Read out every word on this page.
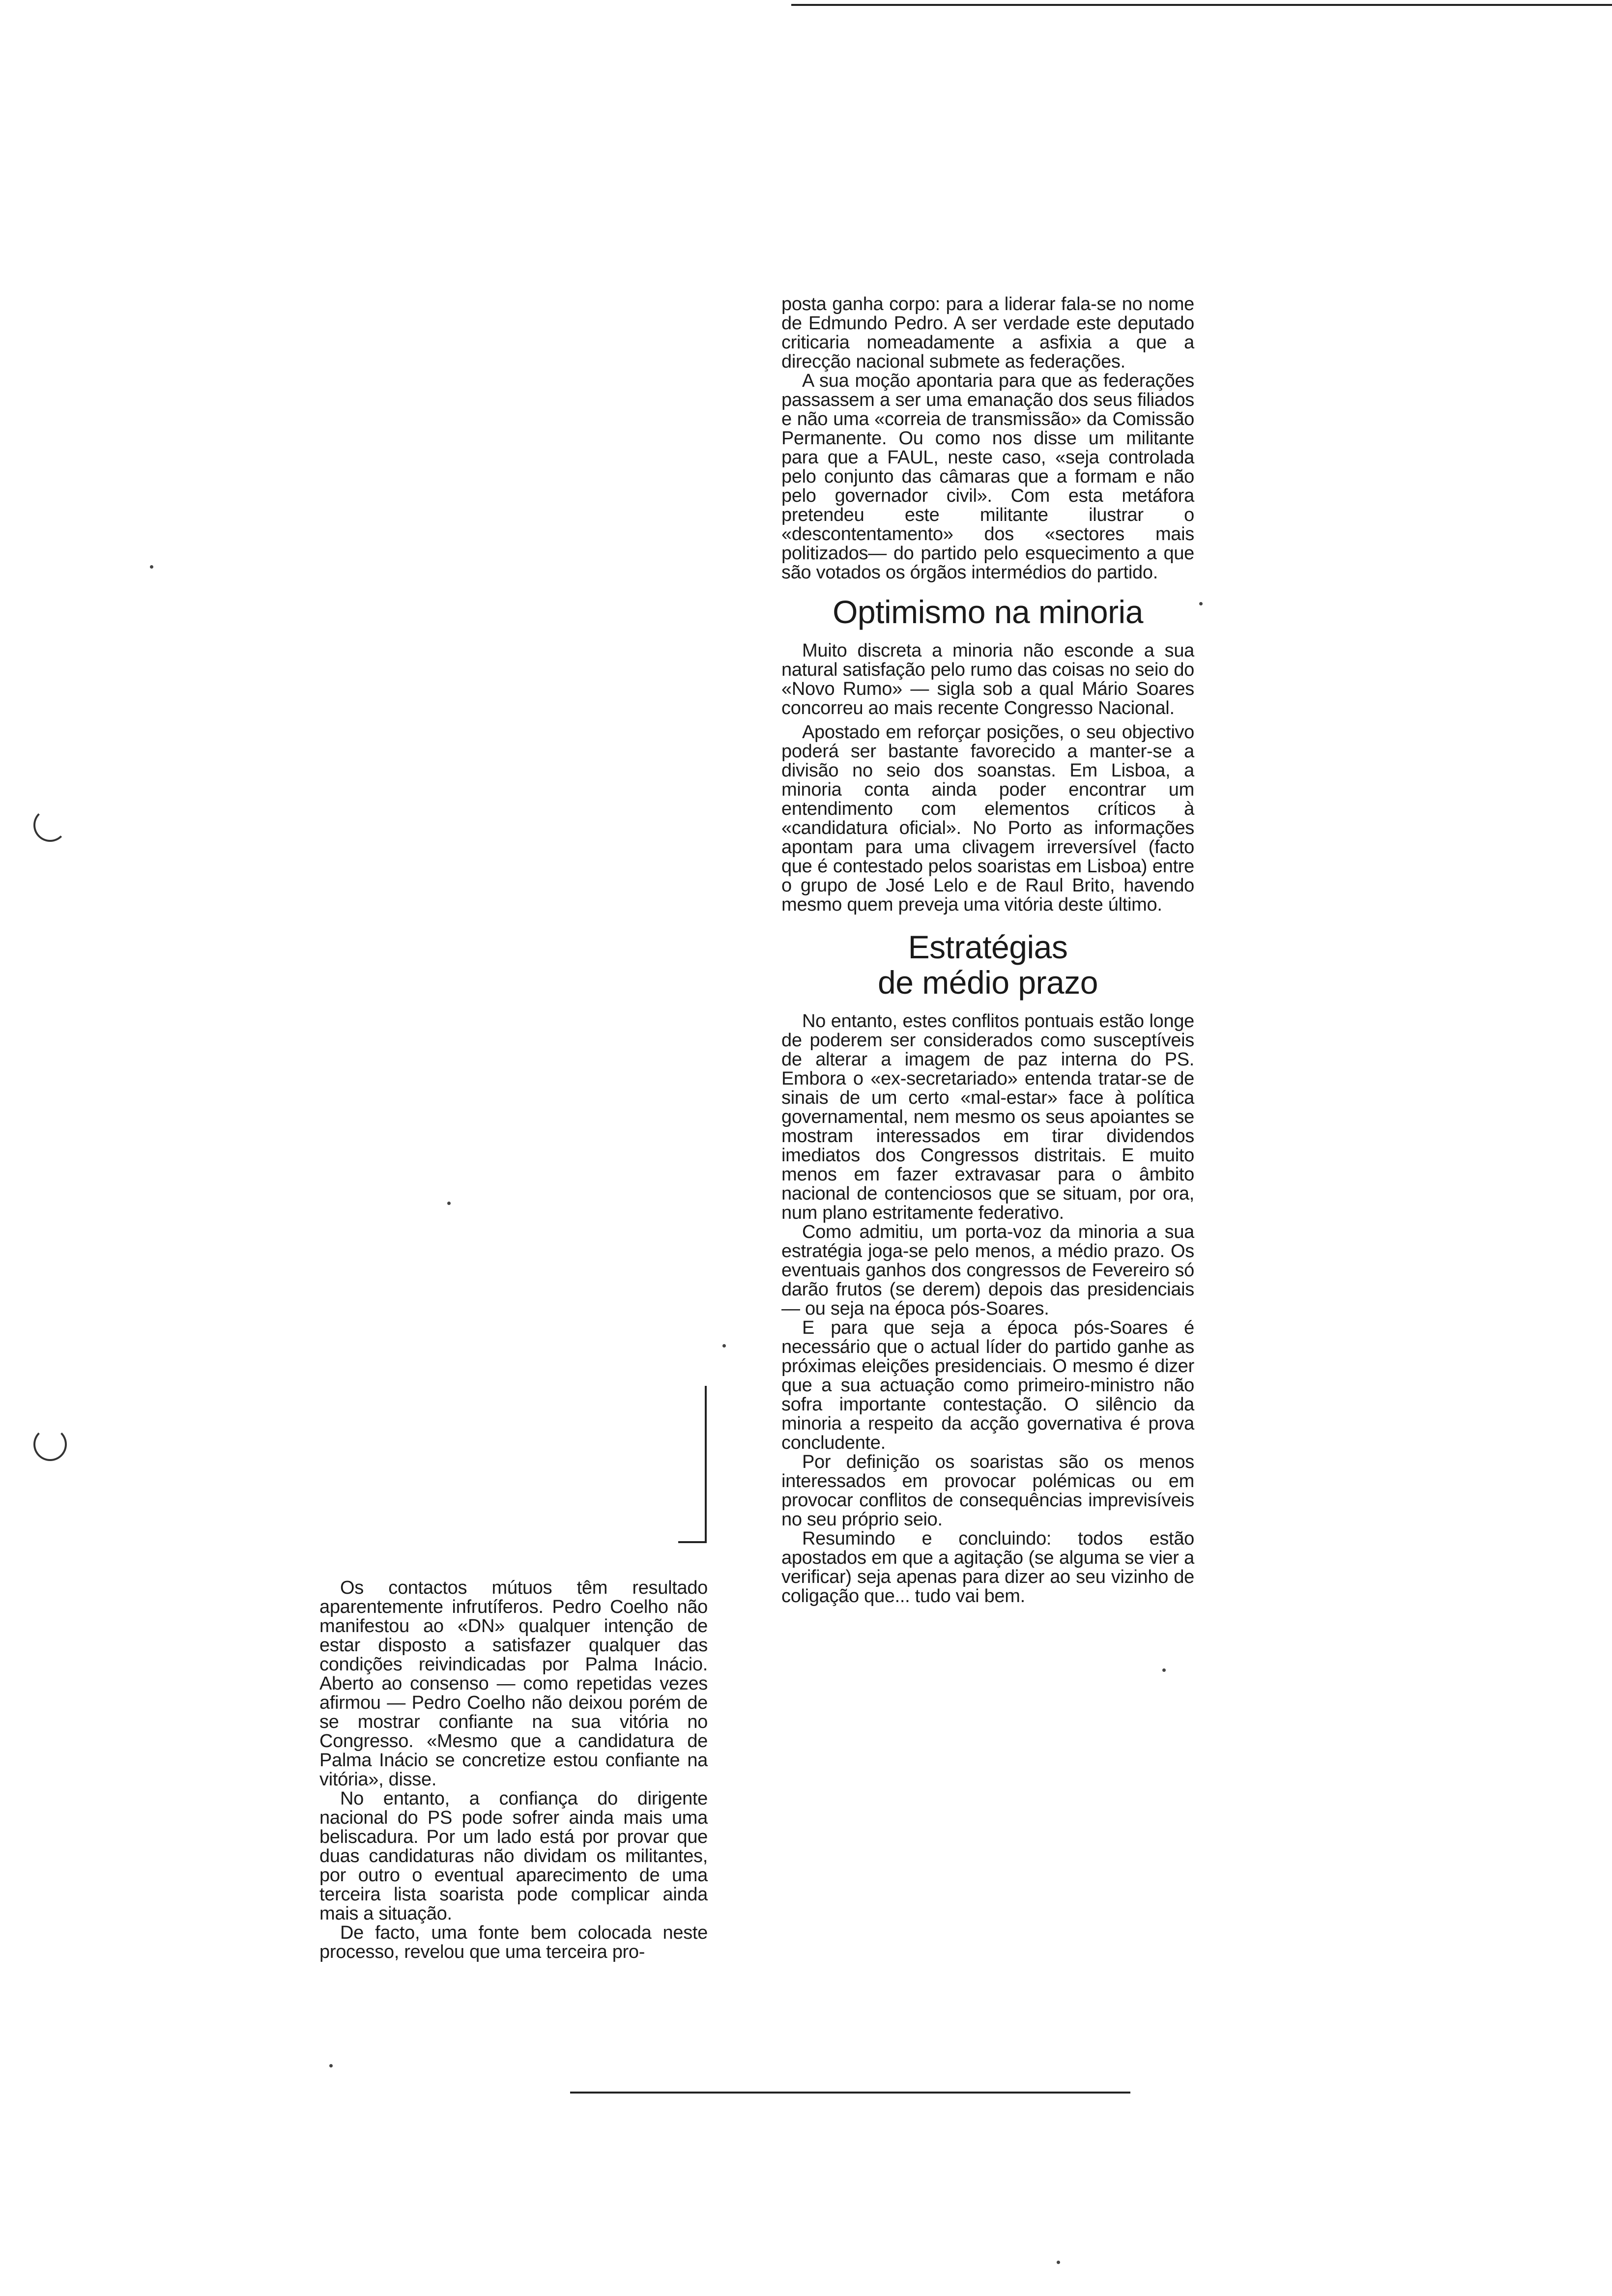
posta ganha corpo: para a liderar fala-se no nome de Edmundo Pedro. A ser verdade este deputado criticaria nomeadamente a asfixia a que a direcção nacional submete as federações.

A sua moção apontaria para que as federações passassem a ser uma emanação dos seus filiados e não uma «correia de transmissão» da Comissão Permanente. Ou como nos disse um militante para que a FAUL, neste caso, «seja controlada pelo conjunto das câmaras que a formam e não pelo governador civil». Com esta metáfora pretendeu este militante ilustrar o «descontentamento» dos «sectores mais politizados— do partido pelo esquecimento a que são votados os órgãos intermédios do partido.

Optimismo na minoria

Muito discreta a minoria não esconde a sua natural satisfação pelo rumo das coisas no seio do «Novo Rumo» — sigla sob a qual Mário Soares concorreu ao mais recente Congresso Nacional.

Apostado em reforçar posições, o seu objectivo poderá ser bastante favorecido a manter-se a divisão no seio dos soanstas. Em Lisboa, a minoria conta ainda poder encontrar um entendimento com elementos críticos à «candidatura oficial». No Porto as informações apontam para uma clivagem irreversível (facto que é contestado pelos soaristas em Lisboa) entre o grupo de José Lelo e de Raul Brito, havendo mesmo quem preveja uma vitória deste último.

Estratégias
de médio prazo

No entanto, estes conflitos pontuais estão longe de poderem ser considerados como susceptíveis de alterar a imagem de paz interna do PS. Embora o «ex-secretariado» entenda tratar-se de sinais de um certo «mal-estar» face à política governamental, nem mesmo os seus apoiantes se mostram interessados em tirar dividendos imediatos dos Congressos distritais. E muito menos em fazer extravasar para o âmbito nacional de contenciosos que se situam, por ora, num plano estritamente federativo.

Como admitiu, um porta-voz da minoria a sua estratégia joga-se pelo menos, a médio prazo. Os eventuais ganhos dos congressos de Fevereiro só darão frutos (se derem) depois das presidenciais — ou seja na época pós-Soares.

E para que seja a época pós-Soares é necessário que o actual líder do partido ganhe as próximas eleições presidenciais. O mesmo é dizer que a sua actuação como primeiro-ministro não sofra importante contestação. O silêncio da minoria a respeito da acção governativa é prova concludente.

Por definição os soaristas são os menos interessados em provocar polémicas ou em provocar conflitos de consequências imprevisíveis no seu próprio seio.

Resumindo e concluindo: todos estão apostados em que a agitação (se alguma se vier a verificar) seja apenas para dizer ao seu vizinho de coligação que... tudo vai bem.

Os contactos mútuos têm resultado aparentemente infrutíferos. Pedro Coelho não manifestou ao «DN» qualquer intenção de estar disposto a satisfazer qualquer das condições reivindicadas por Palma Inácio. Aberto ao consenso — como repetidas vezes afirmou — Pedro Coelho não deixou porém de se mostrar confiante na sua vitória no Congresso. «Mesmo que a candidatura de Palma Inácio se concretize estou confiante na vitória», disse.

No entanto, a confiança do dirigente nacional do PS pode sofrer ainda mais uma beliscadura. Por um lado está por provar que duas candidaturas não dividam os militantes, por outro o eventual aparecimento de uma terceira lista soarista pode complicar ainda mais a situação.

De facto, uma fonte bem colocada neste processo, revelou que uma terceira pro-
